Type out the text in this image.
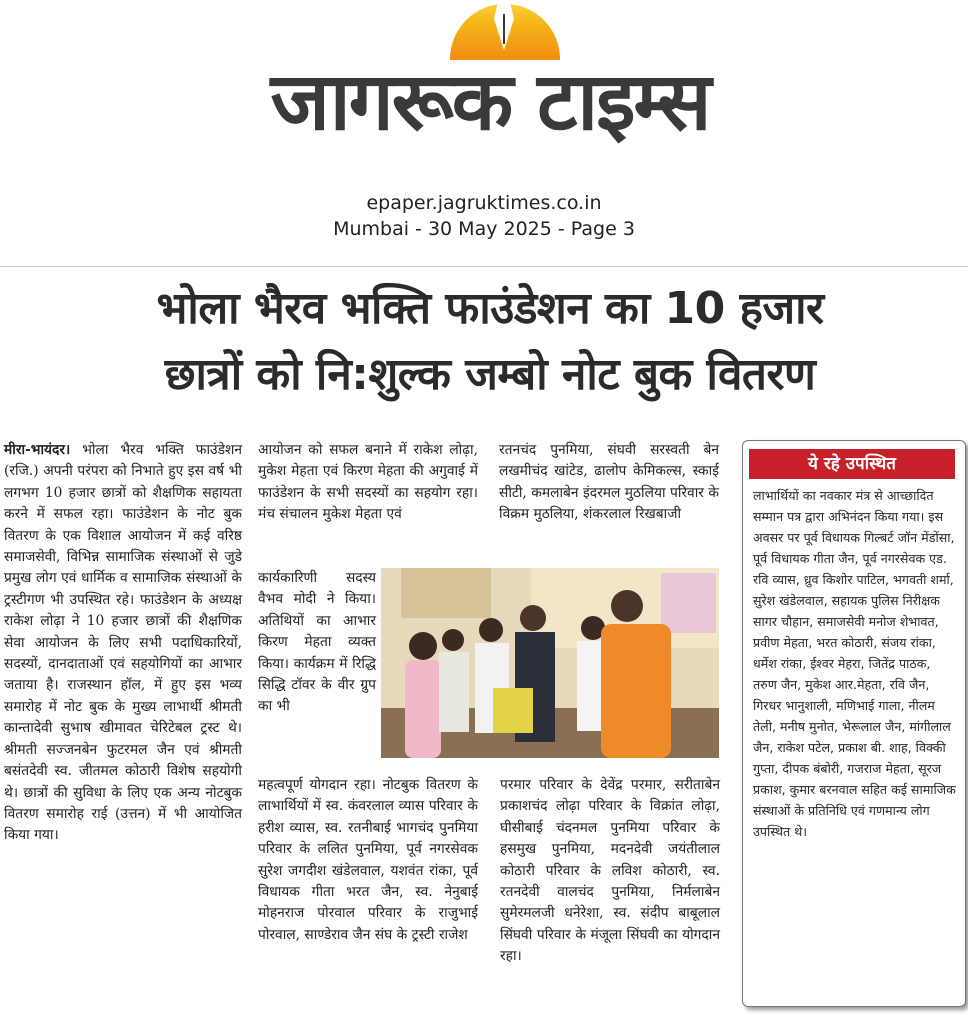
जागरूक टाइम्स
epaper.jagruktimes.co.in
Mumbai - 30 May 2025 - Page 3
भोला भैरव भक्ति फाउंडेशन का 10 हजार
छात्रों को नि:शुल्क जम्बो नोट बुक वितरण

मीरा-भायंदर। भोला भैरव भक्ति फाउंडेशन (रजि.) अपनी परंपरा को निभाते हुए इस वर्ष भी लगभग 10 हजार छात्रों को शैक्षणिक सहायता करने में सफल रहा। फाउंडेशन के नोट बुक वितरण के एक विशाल आयोजन में कई वरिष्ठ समाजसेवी, विभिन्न सामाजिक संस्थाओं से जुडे प्रमुख लोग एवं धार्मिक व सामाजिक संस्थाओं के ट्रस्टीगण भी उपस्थित रहे। फाउंडेशन के अध्यक्ष राकेश लोढ़ा ने 10 हजार छात्रों की शैक्षणिक सेवा आयोजन के लिए सभी पदाधिकारियों, सदस्यों, दानदाताओं एवं सहयोगियों का आभार जताया है। राजस्थान हॉल, में हुए इस भव्य समारोह में नोट बुक के मुख्य लाभार्थी श्रीमती कान्तादेवी सुभाष खीमावत चेरिटेबल ट्रस्ट थे। श्रीमती सज्जनबेन फुटरमल जैन एवं श्रीमती बसंतदेवी स्व. जीतमल कोठारी विशेष सहयोगी थे। छात्रों की सुविधा के लिए एक अन्य नोटबुक वितरण समारोह राई (उत्तन) में भी आयोजित किया गया।

आयोजन को सफल बनाने में राकेश लोढ़ा, मुकेश मेहता एवं किरण मेहता की अगुवाई में फाउंडेशन के सभी सदस्यों का सहयोग रहा। मंच संचालन मुकेश मेहता एवं

रतनचंद पुनमिया, संघवी सरस्वती बेन लखमीचंद खांटेड, ढालोप केमिकल्स, स्काई सीटी, कमलाबेन इंदरमल मुठलिया परिवार के विक्रम मुठलिया, शंकरलाल रिखबाजी

कार्यकारिणी सदस्य वैभव मोदी ने किया। अतिथियों का आभार किरण मेहता व्यक्त किया। कार्यक्रम में रिद्धि सिद्धि टॉवर के वीर ग्रुप का भी

महत्वपूर्ण योगदान रहा। नोटबुक वितरण के लाभार्थियों में स्व. कंवरलाल व्यास परिवार के हरीश व्यास, स्व. रतनीबाई भागचंद पुनमिया परिवार के ललित पुनमिया, पूर्व नगरसेवक सुरेश जगदीश खंडेलवाल, यशवंत रांका, पूर्व विधायक गीता भरत जैन, स्व. नेनुबाई मोहनराज पोरवाल परिवार के राजुभाई पोरवाल, साण्डेराव जैन संघ के ट्रस्टी राजेश
परमार परिवार के देवेंद्र परमार, सरीताबेन प्रकाशचंद लोढ़ा परिवार के विक्रांत लोढ़ा, घीसीबाई चंदनमल पुनमिया परिवार के हसमुख पुनमिया, मदनदेवी जयंतीलाल कोठारी परिवार के लविश कोठारी, स्व. रतनदेवी वालचंद पुनमिया, निर्मलाबेन सुमेरमलजी धनेरेशा, स्व. संदीप बाबूलाल सिंघवी परिवार के मंजूला सिंघवी का योगदान रहा।
ये रहे उपस्थित
लाभार्थियों का नवकार मंत्र से आच्छादित सम्मान पत्र द्वारा अभिनंदन किया गया। इस अवसर पर पूर्व विधायक गिल्बर्ट जॉन मेंडोंसा, पूर्व विधायक गीता जैन, पूर्व नगरसेवक एड. रवि व्यास, ध्रुव किशोर पाटिल, भगवती शर्मा, सुरेश खंडेलवाल, सहायक पुलिस निरीक्षक सागर चौहान, समाजसेवी मनोज शेभावत, प्रवीण मेहता, भरत कोठारी, संजय रांका, धर्मेश रांका, ईश्वर मेहरा, जितेंद्र पाठक, तरुण जैन, मुकेश आर.मेहता, रवि जैन, गिरधर भानुशाली, मणिभाई गाला, नीलम तेली, मनीष मुनोत, भेरूलाल जैन, मांगीलाल जैन, राकेश पटेल, प्रकाश बी. शाह, विक्की गुप्ता, दीपक बंबोरी, गजराज मेहता, सूरज प्रकाश, कुमार बरनवाल सहित कई सामाजिक संस्थाओं के प्रतिनिधि एवं गणमान्य लोग उपस्थित थे।
